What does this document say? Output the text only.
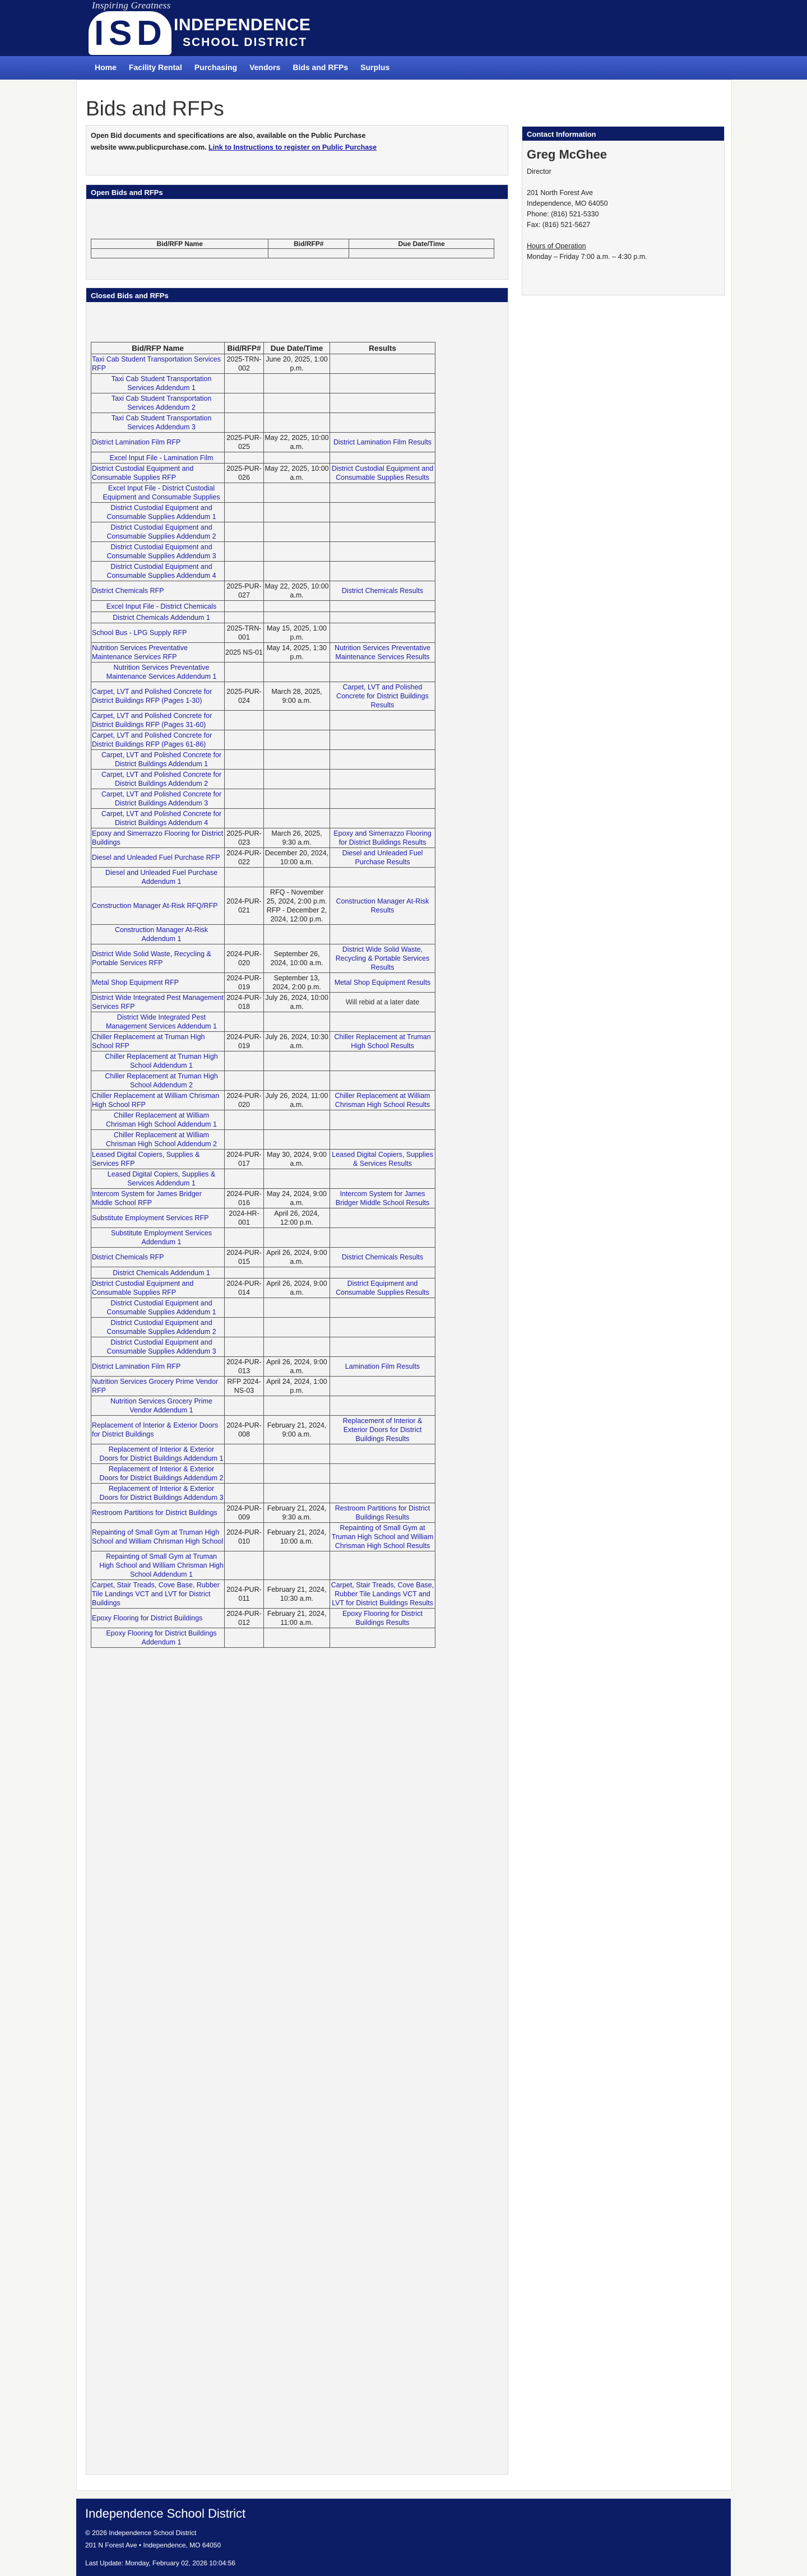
Inspiring Greatness
I S D INDEPENDENCE
SCHOOL DISTRICT
Home	Facility Rental	Purchasing	Vendors	Bids and RFPs	Surplus
Bids and RFPs

Open Bid documents and specifications are also, available on the Public Purchase
website www.publicpurchase.com. Link to Instructions to register on Public Purchase

Open Bids and RFPs
Bid/RFP Name	Bid/RFP#	Due Date/Time

Closed Bids and RFPs
Bid/RFP Name	Bid/RFP#	Due Date/Time	Results
Taxi Cab Student Transportation Services RFP	2025-TRN-002	June 20, 2025, 1:00 p.m.	
Taxi Cab Student Transportation Services Addendum 1			
Taxi Cab Student Transportation Services Addendum 2			
Taxi Cab Student Transportation Services Addendum 3			
District Lamination Film RFP	2025-PUR-025	May 22, 2025, 10:00 a.m.	District Lamination Film Results
Excel Input File - Lamination Film			
District Custodial Equipment and Consumable Supplies RFP	2025-PUR-026	May 22, 2025, 10:00 a.m.	District Custodial Equipment and Consumable Supplies Results
Excel Input File - District Custodial Equipment and Consumable Supplies			
District Custodial Equipment and Consumable Supplies Addendum 1			
District Custodial Equipment and Consumable Supplies Addendum 2			
District Custodial Equipment and Consumable Supplies Addendum 3			
District Custodial Equipment and Consumable Supplies Addendum 4			
District Chemicals RFP	2025-PUR-027	May 22, 2025, 10:00 a.m.	District Chemicals Results
Excel Input File - District Chemicals			
District Chemicals Addendum 1			
School Bus - LPG Supply RFP	2025-TRN-001	May 15, 2025, 1:00 p.m.	
Nutrition Services Preventative Maintenance Services RFP	2025 NS-01	May 14, 2025, 1:30 p.m.	Nutrition Services Preventative Maintenance Services Results
Nutrition Services Preventative Maintenance Services Addendum 1			
Carpet, LVT and Polished Concrete for District Buildings RFP (Pages 1-30)	2025-PUR-024	March 28, 2025, 9:00 a.m.	Carpet, LVT and Polished Concrete for District Buildings Results
Carpet, LVT and Polished Concrete for District Buildings RFP (Pages 31-60)			
Carpet, LVT and Polished Concrete for District Buildings RFP (Pages 61-86)			
Carpet, LVT and Polished Concrete for District Buildings Addendum 1			
Carpet, LVT and Polished Concrete for District Buildings Addendum 2			
Carpet, LVT and Polished Concrete for District Buildings Addendum 3			
Carpet, LVT and Polished Concrete for District Buildings Addendum 4			
Epoxy and Simerrazzo Flooring for District Buildings	2025-PUR-023	March 26, 2025, 9:30 a.m.	Epoxy and Simerrazzo Flooring for District Buildings Results
Diesel and Unleaded Fuel Purchase RFP	2024-PUR-022	December 20, 2024, 10:00 a.m.	Diesel and Unleaded Fuel Purchase Results
Diesel and Unleaded Fuel Purchase Addendum 1			
Construction Manager At-Risk RFQ/RFP	2024-PUR-021	RFQ - November 25, 2024, 2:00 p.m. RFP - December 2, 2024, 12:00 p.m.	Construction Manager At-Risk Results
Construction Manager At-Risk Addendum 1			
District Wide Solid Waste, Recycling & Portable Services RFP	2024-PUR-020	September 26, 2024, 10:00 a.m.	District Wide Solid Waste, Recycling & Portable Services Results
Metal Shop Equipment RFP	2024-PUR-019	September 13, 2024, 2:00 p.m.	Metal Shop Equipment Results
District Wide Integrated Pest Management Services RFP	2024-PUR-018	July 26, 2024, 10:00 a.m.	Will rebid at a later date
District Wide Integrated Pest Management Services Addendum 1			
Chiller Replacement at Truman High School RFP	2024-PUR-019	July 26, 2024, 10:30 a.m.	Chiller Replacement at Truman High School Results
Chiller Replacement at Truman High School Addendum 1			
Chiller Replacement at Truman High School Addendum 2			
Chiller Replacement at William Chrisman High School RFP	2024-PUR-020	July 26, 2024, 11:00 a.m.	Chiller Replacement at William Chrisman High School Results
Chiller Replacement at William Chrisman High School Addendum 1			
Chiller Replacement at William Chrisman High School Addendum 2			
Leased Digital Copiers, Supplies & Services RFP	2024-PUR-017	May 30, 2024, 9:00 a.m.	Leased Digital Copiers, Supplies & Services Results
Leased Digital Copiers, Supplies & Services Addendum 1			
Intercom System for James Bridger Middle School RFP	2024-PUR-016	May 24, 2024, 9:00 a.m.	Intercom System for James Bridger Middle School Results
Substitute Employment Services RFP	2024-HR-001	April 26, 2024, 12:00 p.m.	
Substitute Employment Services Addendum 1			
District Chemicals RFP	2024-PUR-015	April 26, 2024, 9:00 a.m.	District Chemicals Results
District Chemicals Addendum 1			
District Custodial Equipment and Consumable Supplies RFP	2024-PUR-014	April 26, 2024, 9:00 a.m.	District Equipment and Consumable Supplies Results
District Custodial Equipment and Consumable Supplies Addendum 1			
District Custodial Equipment and Consumable Supplies Addendum 2			
District Custodial Equipment and Consumable Supplies Addendum 3			
District Lamination Film RFP	2024-PUR-013	April 26, 2024, 9:00 a.m.	Lamination Film Results
Nutrition Services Grocery Prime Vendor RFP	RFP 2024-NS-03	April 24, 2024, 1:00 p.m.	
Nutrition Services Grocery Prime Vendor Addendum 1			
Replacement of Interior & Exterior Doors for District Buildings	2024-PUR-008	February 21, 2024, 9:00 a.m.	Replacement of Interior & Exterior Doors for District Buildings Results
Replacement of Interior & Exterior Doors for District Buildings Addendum 1			
Replacement of Interior & Exterior Doors for District Buildings Addendum 2			
Replacement of Interior & Exterior Doors for District Buildings Addendum 3			
Restroom Partitions for District Buildings	2024-PUR-009	February 21, 2024, 9:30 a.m.	Restroom Partitions for District Buildings Results
Repainting of Small Gym at Truman High School and William Chrisman High School	2024-PUR-010	February 21, 2024, 10:00 a.m.	Repainting of Small Gym at Truman High School and William Chrisman High School Results
Repainting of Small Gym at Truman High School and William Chrisman High School Addendum 1			
Carpet, Stair Treads, Cove Base, Rubber Tile Landings VCT and LVT for District Buildings	2024-PUR-011	February 21, 2024, 10:30 a.m.	Carpet, Stair Treads, Cove Base, Rubber Tile Landings VCT and LVT for District Buildings Results
Epoxy Flooring for District Buildings	2024-PUR-012	February 21, 2024, 11:00 a.m.	Epoxy Flooring for District Buildings Results
Epoxy Flooring for District Buildings Addendum 1			
Contact Information
Greg McGhee
Director
201 North Forest Ave
Independence, MO 64050
Phone: (816) 521-5330
Fax: (816) 521-5627
Hours of Operation
Monday – Friday 7:00 a.m. – 4:30 p.m.
Independence School District
© 2026 Independence School District
201 N Forest Ave • Independence, MO 64050
Last Update: Monday, February 02, 2026 10:04:56
